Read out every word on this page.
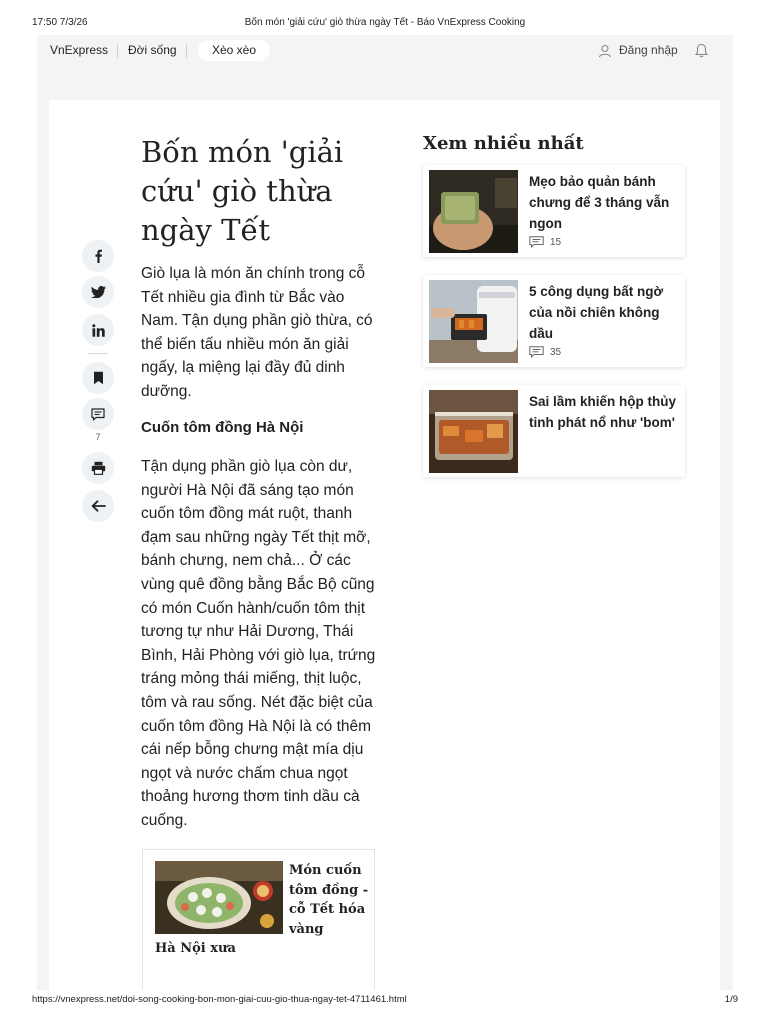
17:50 7/3/26	Bốn món 'giải cứu' giò thừa ngày Tết - Báo VnExpress Cooking
VnExpress Đời sống	Xèo xèo	Đăng nhập
7
Bốn món 'giải cứu' giò thừa ngày Tết

Giò lụa là món ăn chính trong cỗ Tết nhiều gia đình từ Bắc vào Nam. Tận dụng phần giò thừa, có thể biến tấu nhiều món ăn giải ngấy, lạ miệng lại đầy đủ dinh dưỡng.

Cuốn tôm đồng Hà Nội

Tận dụng phần giò lụa còn dư, người Hà Nội đã sáng tạo món cuốn tôm đồng mát ruột, thanh đạm sau những ngày Tết thịt mỡ, bánh chưng, nem chả... Ở các vùng quê đồng bằng Bắc Bộ cũng có món Cuốn hành/cuốn tôm thịt tương tự như Hải Dương, Thái Bình, Hải Phòng với giò lụa, trứng tráng mỏng thái miếng, thịt luộc, tôm và rau sống. Nét đặc biệt của cuốn tôm đồng Hà Nội là có thêm cái nếp bỗng chưng mật mía dịu ngọt và nước chấm chua ngọt thoảng hương thơm tinh dầu cà cuống.

Món cuốn tôm đồng - cỗ Tết hóa vàng
Hà Nội xưa
Xem nhiều nhất
Mẹo bảo quản bánh chưng để 3 tháng vẫn ngon
15
5 công dụng bất ngờ của nồi chiên không dầu
35
Sai lầm khiến hộp thủy tinh phát nổ như 'bom'
https://vnexpress.net/doi-song-cooking-bon-mon-giai-cuu-gio-thua-ngay-tet-4711461.html	1/9
